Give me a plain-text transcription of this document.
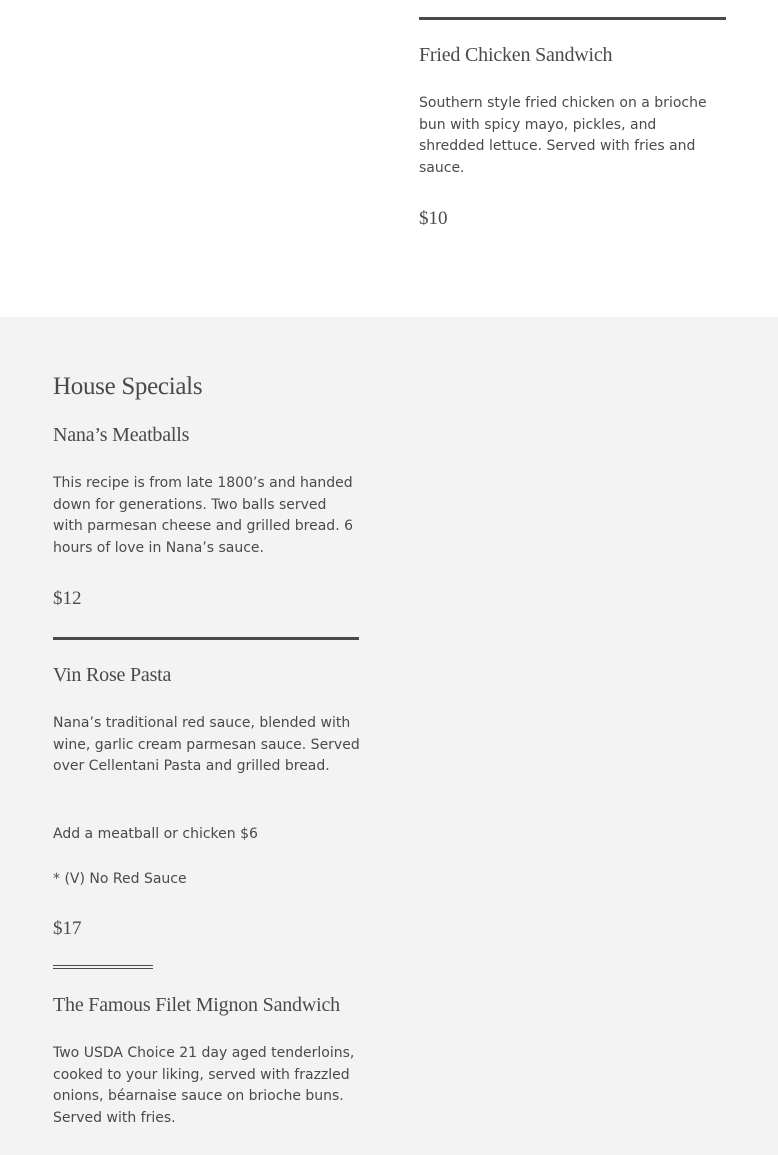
Fried Chicken Sandwich
Southern style fried chicken on a brioche bun with spicy mayo, pickles, and shredded lettuce. Served with fries and sauce.
$10
House Specials
Nana’s Meatballs
This recipe is from late 1800’s and handed down for generations. Two balls served with parmesan cheese and grilled bread. 6 hours of love in Nana’s sauce.
$12
Vin Rose Pasta
Nana’s traditional red sauce, blended with wine, garlic cream parmesan sauce. Served over Cellentani Pasta and grilled bread.
Add a meatball or chicken $6
* (V) No Red Sauce
$17
The Famous Filet Mignon Sandwich
Two USDA Choice 21 day aged tenderloins, cooked to your liking, served with frazzled onions, béarnaise sauce on brioche buns. Served with fries.
